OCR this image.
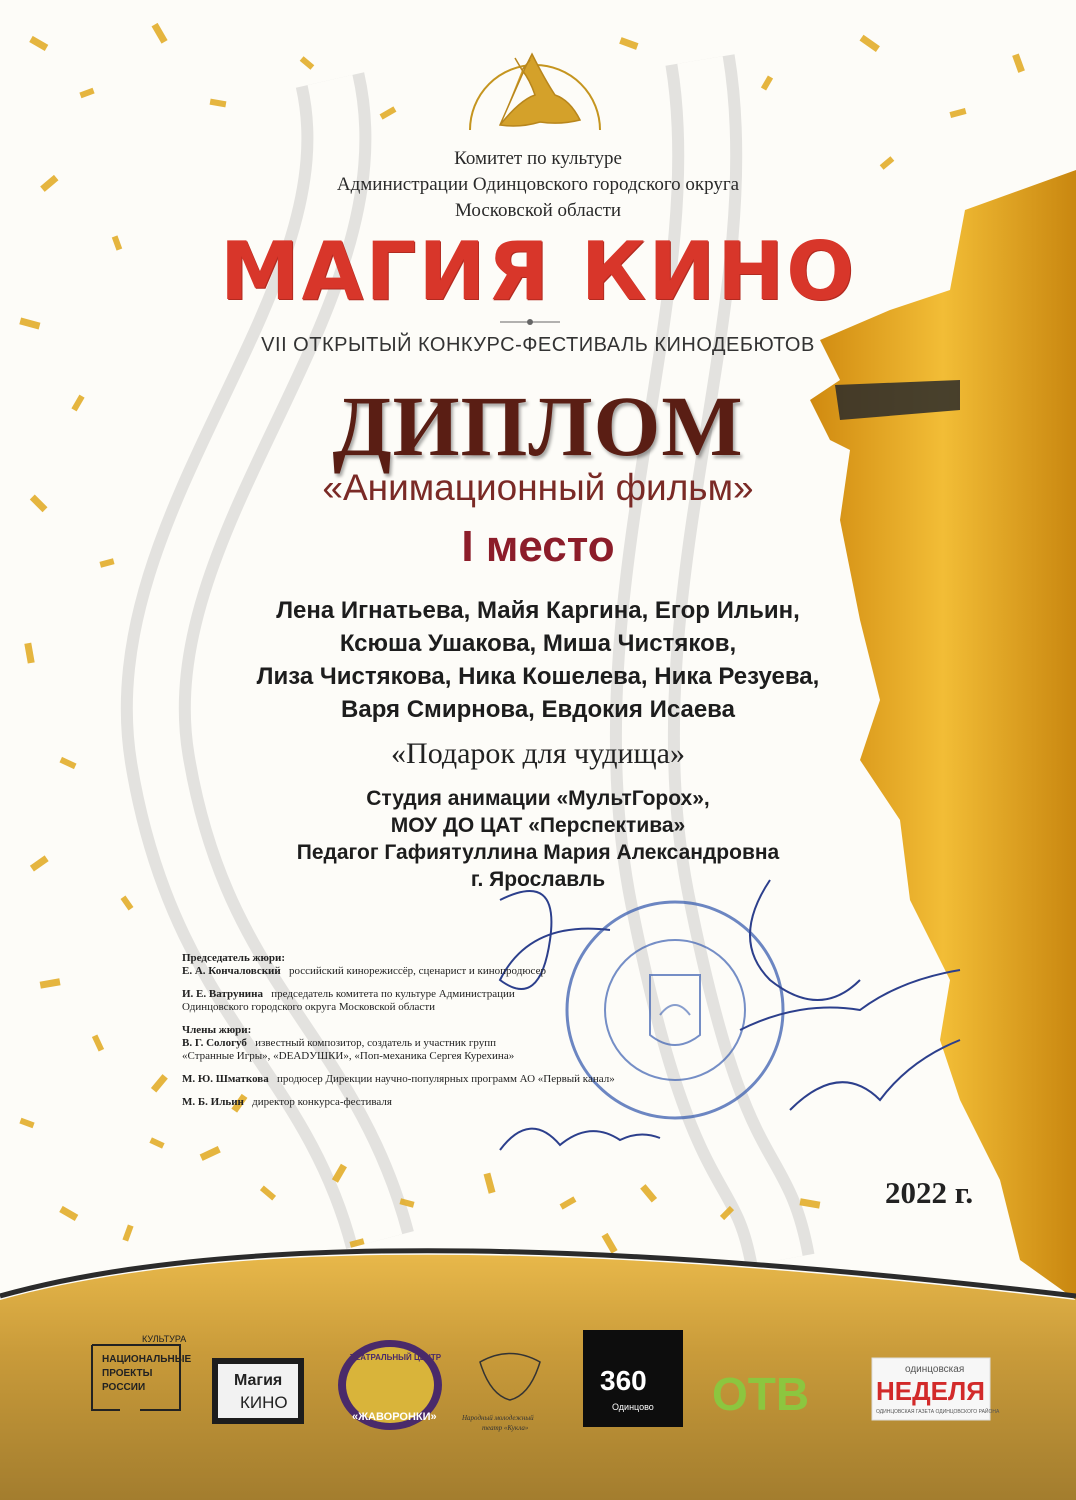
Комитет по культуре
Администрации Одинцовского городского округа
Московской области
МАГИЯ КИНО
VII ОТКРЫТЫЙ КОНКУРС-ФЕСТИВАЛЬ КИНОДЕБЮТОВ
ДИПЛОМ
«Анимационный фильм»
I место
Лена Игнатьева, Майя Каргина, Егор Ильин,
Ксюша Ушакова, Миша Чистяков,
Лиза Чистякова, Ника Кошелева, Ника Резуева,
Варя Смирнова, Евдокия Исаева
«Подарок для чудища»
Студия анимации «МультГорох»,
МОУ ДО ЦАТ «Перспектива»
Педагог Гафиятуллина Мария Александровна
г. Ярославль
Председатель жюри:
Е. А. Кончаловский российский кинорежиссёр, сценарист и кинопродюсер
И. Е. Ватрунина председатель комитета по культуре Администрации
Одинцовского городского округа Московской области
Члены жюри:
В. Г. Сологуб известный композитор, создатель и участник групп
«Странные Игры», «DEADУШКИ», «Поп-механика Сергея Курехина»
М. Ю. Шматкова продюсер Дирекции научно-популярных программ АО «Первый канал»
М. Б. Ильин директор конкурса-фестиваля
2022 г.
КУЛЬТУРА
НАЦИОНАЛЬНЫЕ
ПРОЕКТЫ
РОССИИ	Магия
КИНО
ТЕАТРАЛЬНЫЙ ЦЕНТР
«ЖАВОРОНКИ»	Народный молодежный
театр «Кукла»
360
Одинцово ОТВ	одинцовская
НЕДЕЛЯ
ОДИНЦОВСКАЯ ГАЗЕТА ОДИНЦОВСКОГО РАЙОНА
